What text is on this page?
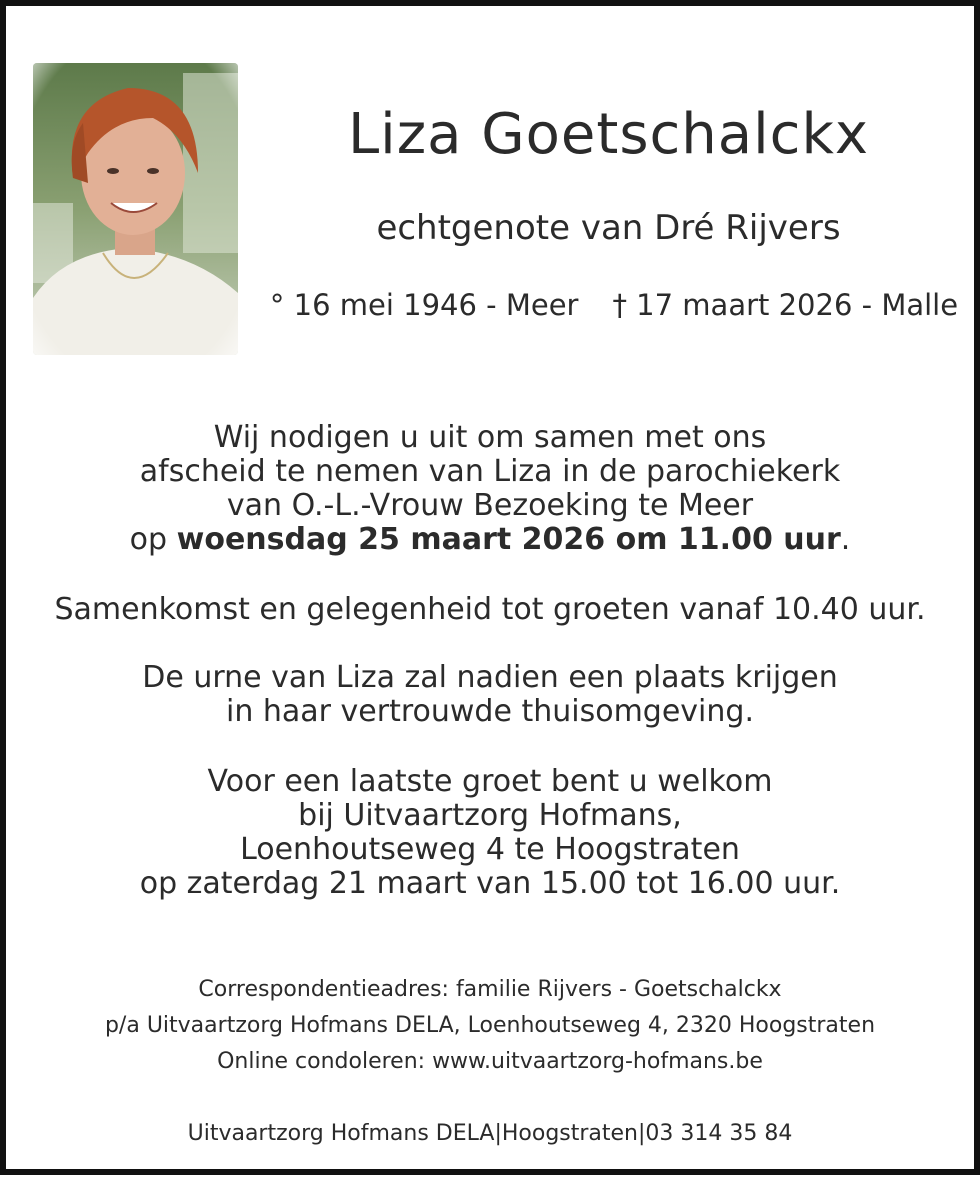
Liza Goetschalckx
echtgenote van Dré Rijvers
° 16 mei 1946 - Meer † 17 maart 2026 - Malle
Wij nodigen u uit om samen met ons
afscheid te nemen van Liza in de parochiekerk
van O.-L.-Vrouw Bezoeking te Meer
op woensdag 25 maart 2026 om 11.00 uur.
Samenkomst en gelegenheid tot groeten vanaf 10.40 uur.
De urne van Liza zal nadien een plaats krijgen
in haar vertrouwde thuisomgeving.
Voor een laatste groet bent u welkom
bij Uitvaartzorg Hofmans,
Loenhoutseweg 4 te Hoogstraten
op zaterdag 21 maart van 15.00 tot 16.00 uur.
Correspondentieadres: familie Rijvers - Goetschalckx
p/a Uitvaartzorg Hofmans DELA, Loenhoutseweg 4, 2320 Hoogstraten
Online condoleren: www.uitvaartzorg-hofmans.be
Uitvaartzorg Hofmans DELA|Hoogstraten|03 314 35 84
